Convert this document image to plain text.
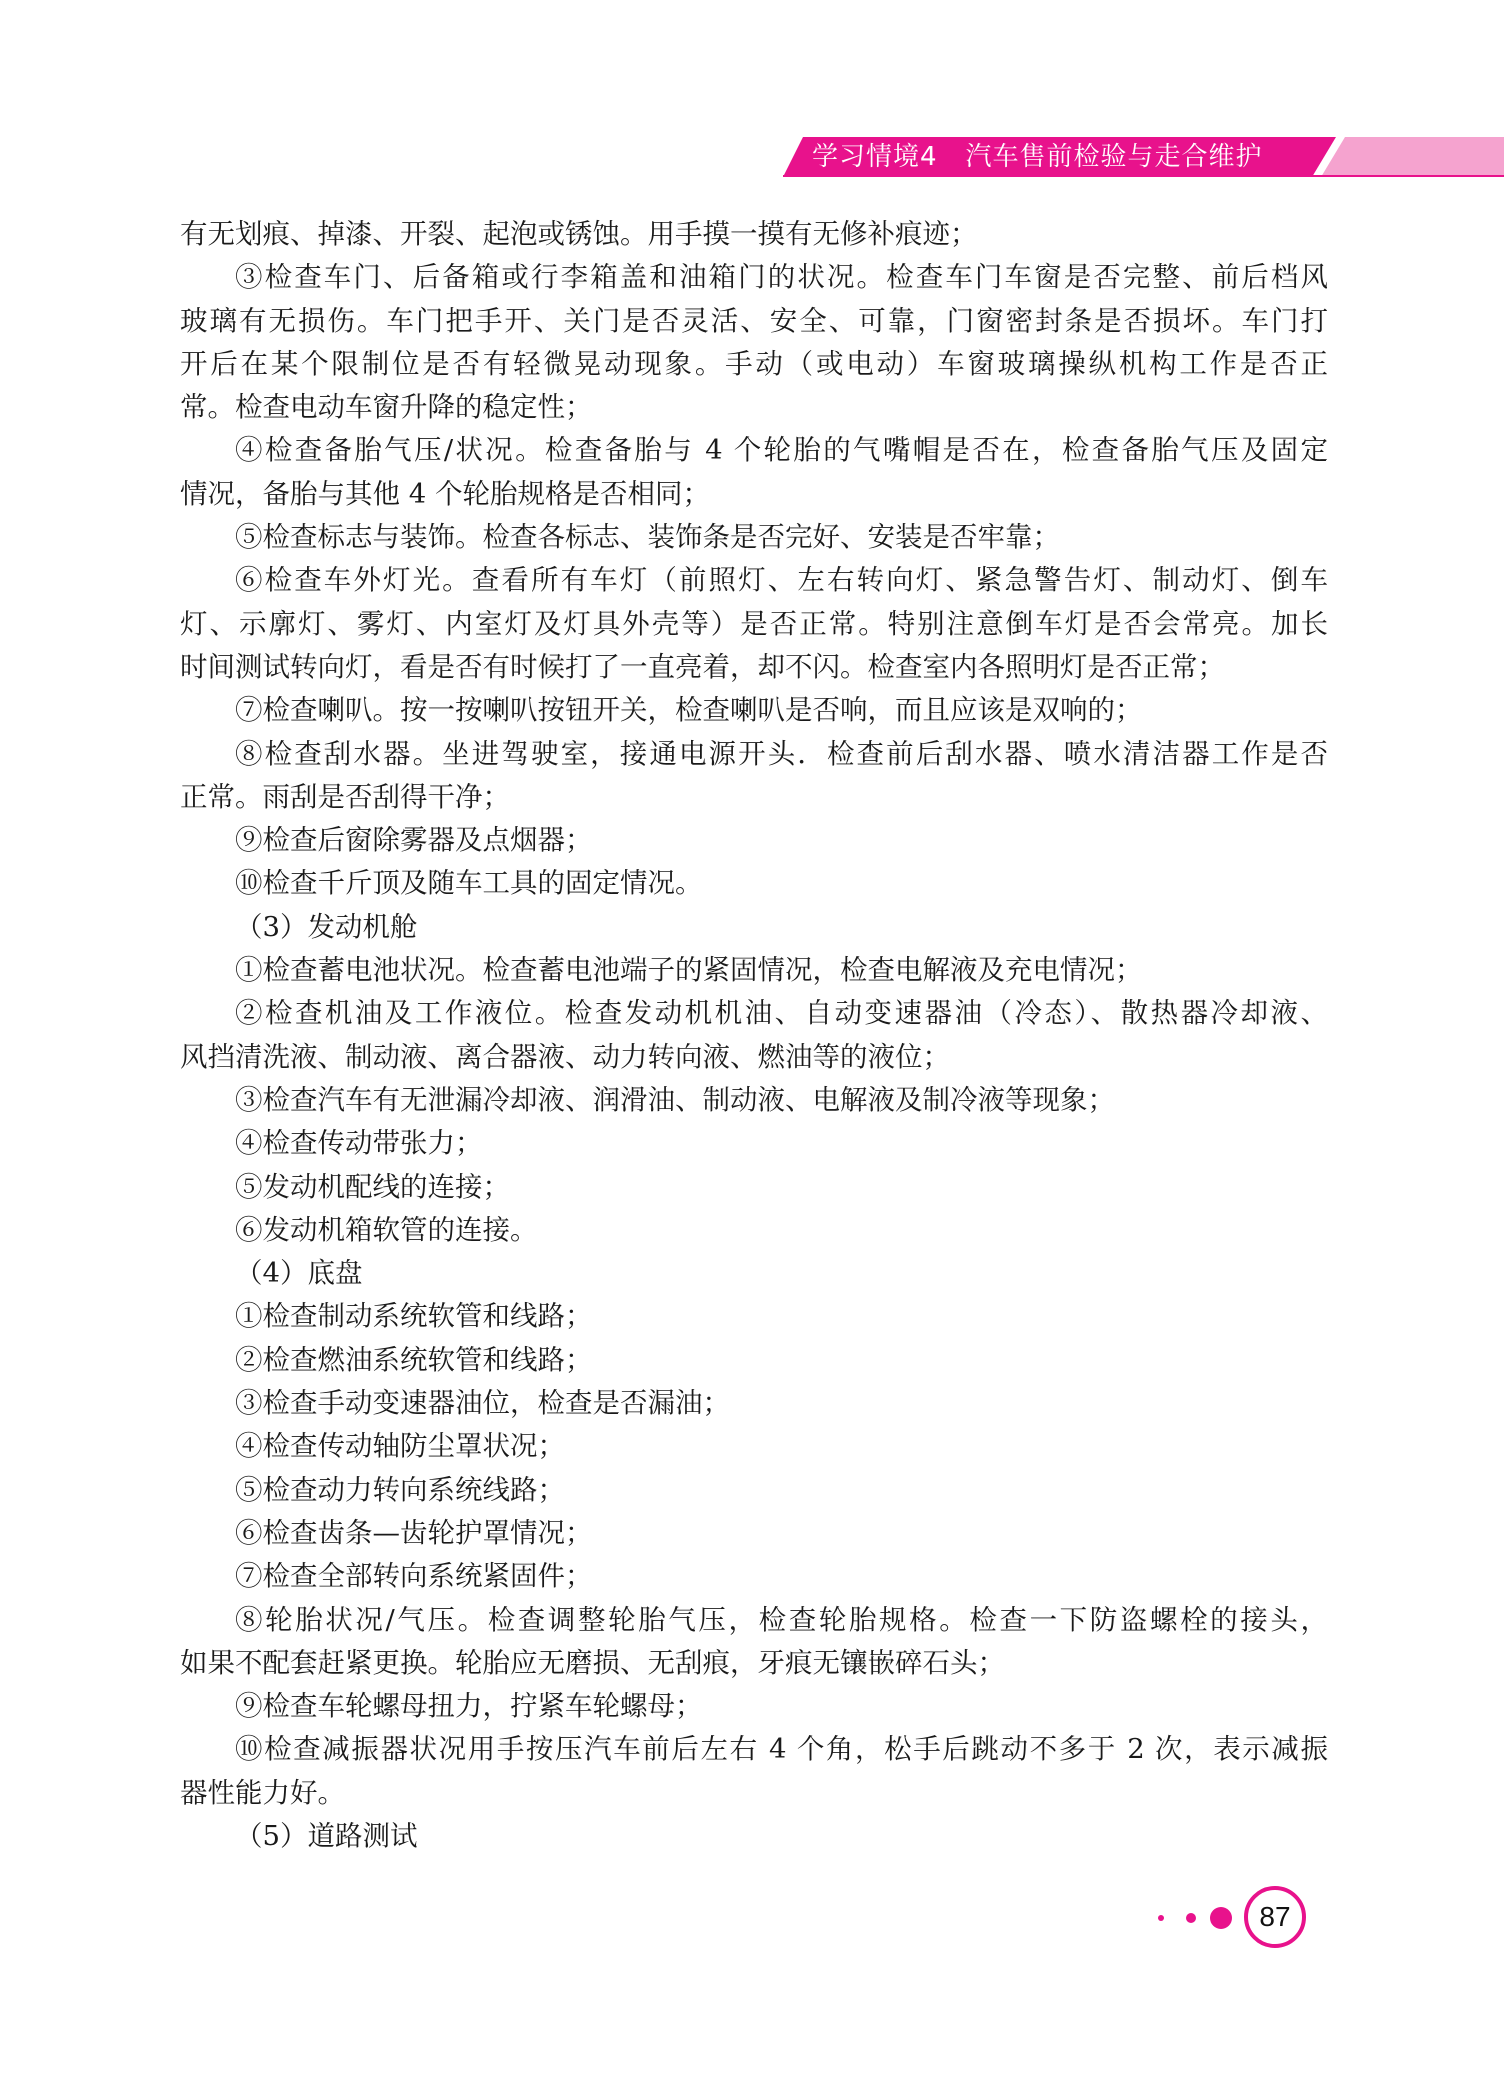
学习情境4 汽车售前检验与走合维护
有无划痕、掉漆、开裂、起泡或锈蚀。用手摸一摸有无修补痕迹；
③检查车门、后备箱或行李箱盖和油箱门的状况。检查车门车窗是否完整、前后档风
玻璃有无损伤。车门把手开、关门是否灵活、安全、可靠，门窗密封条是否损坏。车门打
开后在某个限制位是否有轻微晃动现象。手动（或电动）车窗玻璃操纵机构工作是否正
常。检查电动车窗升降的稳定性；
④检查备胎气压/状况。检查备胎与 4 个轮胎的气嘴帽是否在，检查备胎气压及固定
情况，备胎与其他 4 个轮胎规格是否相同；
⑤检查标志与装饰。检查各标志、装饰条是否完好、安装是否牢靠；
⑥检查车外灯光。查看所有车灯（前照灯、左右转向灯、紧急警告灯、制动灯、倒车
灯、示廓灯、雾灯、内室灯及灯具外壳等）是否正常。特别注意倒车灯是否会常亮。加长
时间测试转向灯，看是否有时候打了一直亮着，却不闪。检查室内各照明灯是否正常；
⑦检查喇叭。按一按喇叭按钮开关，检查喇叭是否响，而且应该是双响的；
⑧检查刮水器。坐进驾驶室，接通电源开头．检查前后刮水器、喷水清洁器工作是否
正常。雨刮是否刮得干净；
⑨检查后窗除雾器及点烟器；
⑩检查千斤顶及随车工具的固定情况。
（3）发动机舱
①检查蓄电池状况。检查蓄电池端子的紧固情况，检查电解液及充电情况；
②检查机油及工作液位。检查发动机机油、自动变速器油（冷态）、散热器冷却液、
风挡清洗液、制动液、离合器液、动力转向液、燃油等的液位；
③检查汽车有无泄漏冷却液、润滑油、制动液、电解液及制冷液等现象；
④检查传动带张力；
⑤发动机配线的连接；
⑥发动机箱软管的连接。
（4）底盘
①检查制动系统软管和线路；
②检查燃油系统软管和线路；
③检查手动变速器油位，检查是否漏油；
④检查传动轴防尘罩状况；
⑤检查动力转向系统线路；
⑥检查齿条—齿轮护罩情况；
⑦检查全部转向系统紧固件；
⑧轮胎状况/气压。检查调整轮胎气压，检查轮胎规格。检查一下防盗螺栓的接头，
如果不配套赶紧更换。轮胎应无磨损、无刮痕，牙痕无镶嵌碎石头；
⑨检查车轮螺母扭力，拧紧车轮螺母；
⑩检查减振器状况用手按压汽车前后左右 4 个角，松手后跳动不多于 2 次，表示减振
器性能力好。
（5）道路测试
87
